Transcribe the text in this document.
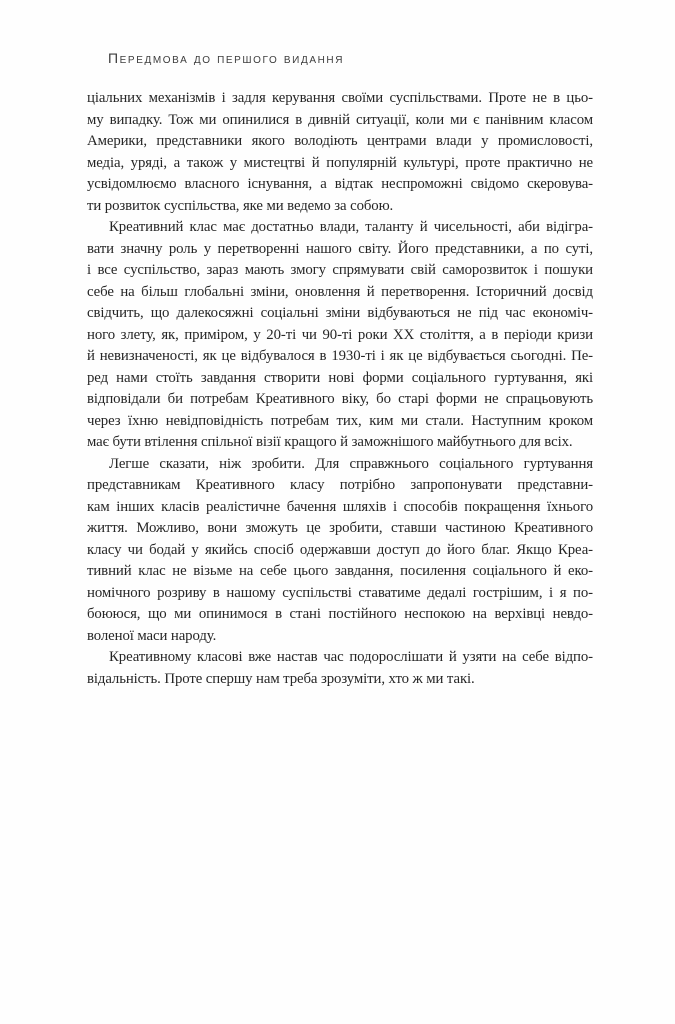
Передмова до першого видання
ціальних механізмів і задля керування своїми суспільствами. Проте не в цьо-
му випадку. Тож ми опинилися в дивній ситуації, коли ми є панівним класом
Америки, представники якого володіють центрами влади у промисловості,
медіа, уряді, а також у мистецтві й популярній культурі, проте практично не
усвідомлюємо власного існування, а відтак неспроможні свідомо скеровува-
ти розвиток суспільства, яке ми ведемо за собою.
Креативний клас має достатньо влади, таланту й чисельності, аби відігра-
вати значну роль у перетворенні нашого світу. Його представники, а по суті,
і все суспільство, зараз мають змогу спрямувати свій саморозвиток і пошуки
себе на більш глобальні зміни, оновлення й перетворення. Історичний досвід
свідчить, що далекосяжні соціальні зміни відбуваються не під час економіч-
ного злету, як, приміром, у 20-ті чи 90-ті роки XX століття, а в періоди кризи
й невизначеності, як це відбувалося в 1930-ті і як це відбувається сьогодні. Пе-
ред нами стоїть завдання створити нові форми соціального гуртування, які
відповідали би потребам Креативного віку, бо старі форми не спрацьовують
через їхню невідповідність потребам тих, ким ми стали. Наступним кроком
має бути втілення спільної візії кращого й заможнішого майбутнього для всіх.
Легше сказати, ніж зробити. Для справжнього соціального гуртування
представникам Креативного класу потрібно запропонувати представни-
кам інших класів реалістичне бачення шляхів і способів покращення їхнього
життя. Можливо, вони зможуть це зробити, ставши частиною Креативного
класу чи бодай у якийсь спосіб одержавши доступ до його благ. Якщо Креа-
тивний клас не візьме на себе цього завдання, посилення соціального й еко-
номічного розриву в нашому суспільстві ставатиме дедалі гострішим, і я по-
боююся, що ми опинимося в стані постійного неспокою на верхівці невдо-
воленої маси народу.
Креативному класові вже настав час подорослішати й узяти на себе відпо-
відальність. Проте спершу нам треба зрозуміти, хто ж ми такі.
